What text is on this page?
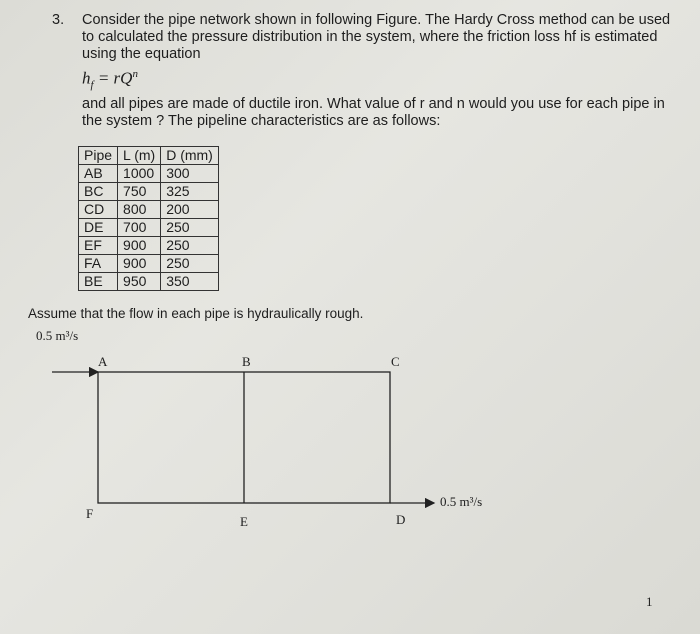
3. Consider the pipe network shown in following Figure. The Hardy Cross method can be used to calculated the pressure distribution in the system, where the friction loss hf is estimated using the equation

$h_f = rQ^n$

and all pipes are made of ductile iron. What value of r and n would you use for each pipe in the system ? The pipeline characteristics are as follows:

Pipe	L (m)	D (mm)
AB	1000	300
BC	750	325
CD	800	200
DE	700	250
EF	900	250
FA	900	250
BE	950	350
Assume that the flow in each pipe is hydraulically rough.
0.5 m³/s
A	B	C
D
E
F
0.5 m³/s
1
